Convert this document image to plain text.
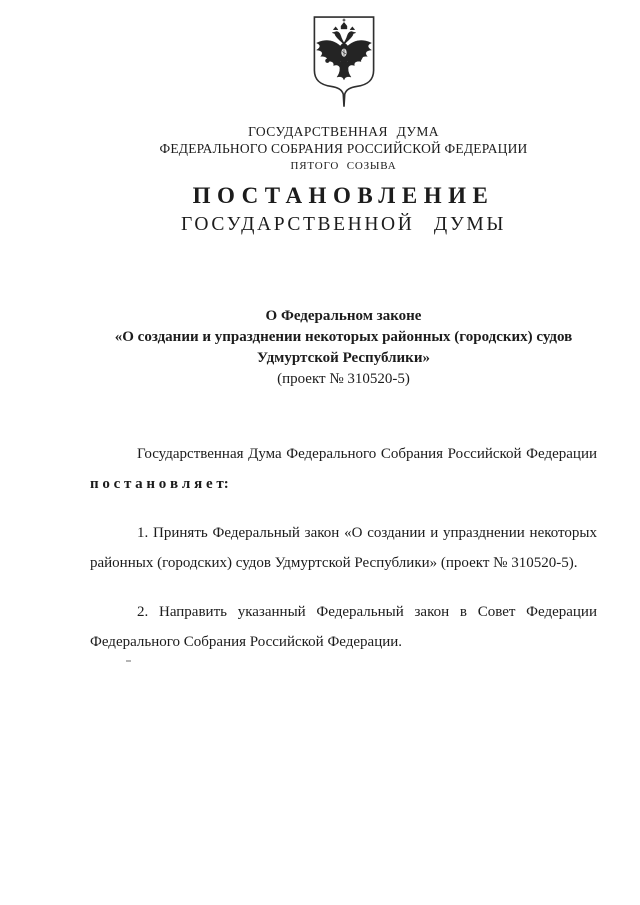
ГОСУДАРСТВЕННАЯ ДУМА
ФЕДЕРАЛЬНОГО СОБРАНИЯ РОССИЙСКОЙ ФЕДЕРАЦИИ
ПЯТОГО СОЗЫВА
ПОСТАНОВЛЕНИЕ
ГОСУДАРСТВЕННОЙ ДУМЫ
О Федеральном законе
«О создании и упразднении некоторых районных (городских) судов
Удмуртской Республики»
(проект № 310520-5)

Государственная Дума Федерального Собрания Российской Федерации п о с т а н о в л я е т:

1. Принять Федеральный закон «О создании и упразднении некоторых районных (городских) судов Удмуртской Республики» (проект № 310520-5).

2. Направить указанный Федеральный закон в Совет Федерации Федерального Собрания Российской Федерации.
